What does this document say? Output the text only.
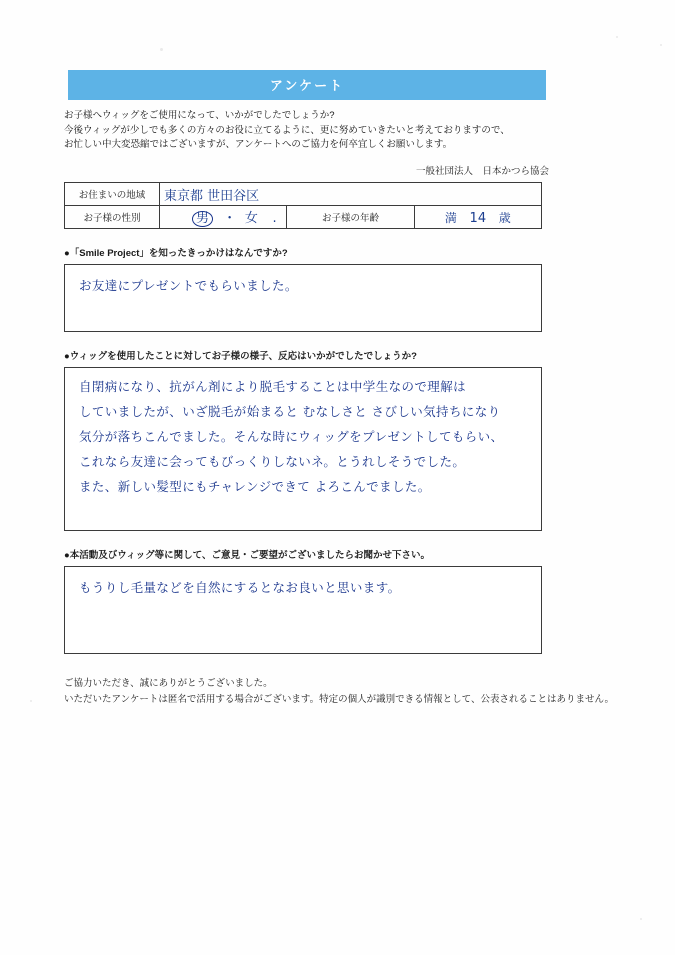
アンケート
お子様へウィッグをご使用になって、いかがでしたでしょうか?
今後ウィッグが少しでも多くの方々のお役に立てるように、更に努めていきたいと考えておりますので、
お忙しい中大変恐縮ではございますが、アンケートへのご協力を何卒宜しくお願いします。
一般社団法人　日本かつら協会
お住まいの地域	東京都 世田谷区		
お子様の性別	男 ・ 女 .	お子様の年齢	満 14 歳
●「Smile Project」を知ったきっかけはなんですか?
お友達にプレゼントでもらいました。
●ウィッグを使用したことに対してお子様の様子、反応はいかがでしたでしょうか?
自閉病になり、抗がん剤により脱毛することは中学生なので理解は
していましたが、いざ脱毛が始まると むなしさと さびしい気持ちになり
気分が落ちこんでました。そんな時にウィッグをプレゼントしてもらい、
これなら友達に会ってもびっくりしないネ。とうれしそうでした。
また、新しい髪型にもチャレンジできて よろこんでました。
●本活動及びウィッグ等に関して、ご意見・ご要望がございましたらお聞かせ下さい。
もうりし毛量などを自然にするとなお良いと思います。
ご協力いただき、誠にありがとうございました。
いただいたアンケートは匿名で活用する場合がございます。特定の個人が識別できる情報として、公表されることはありません。
